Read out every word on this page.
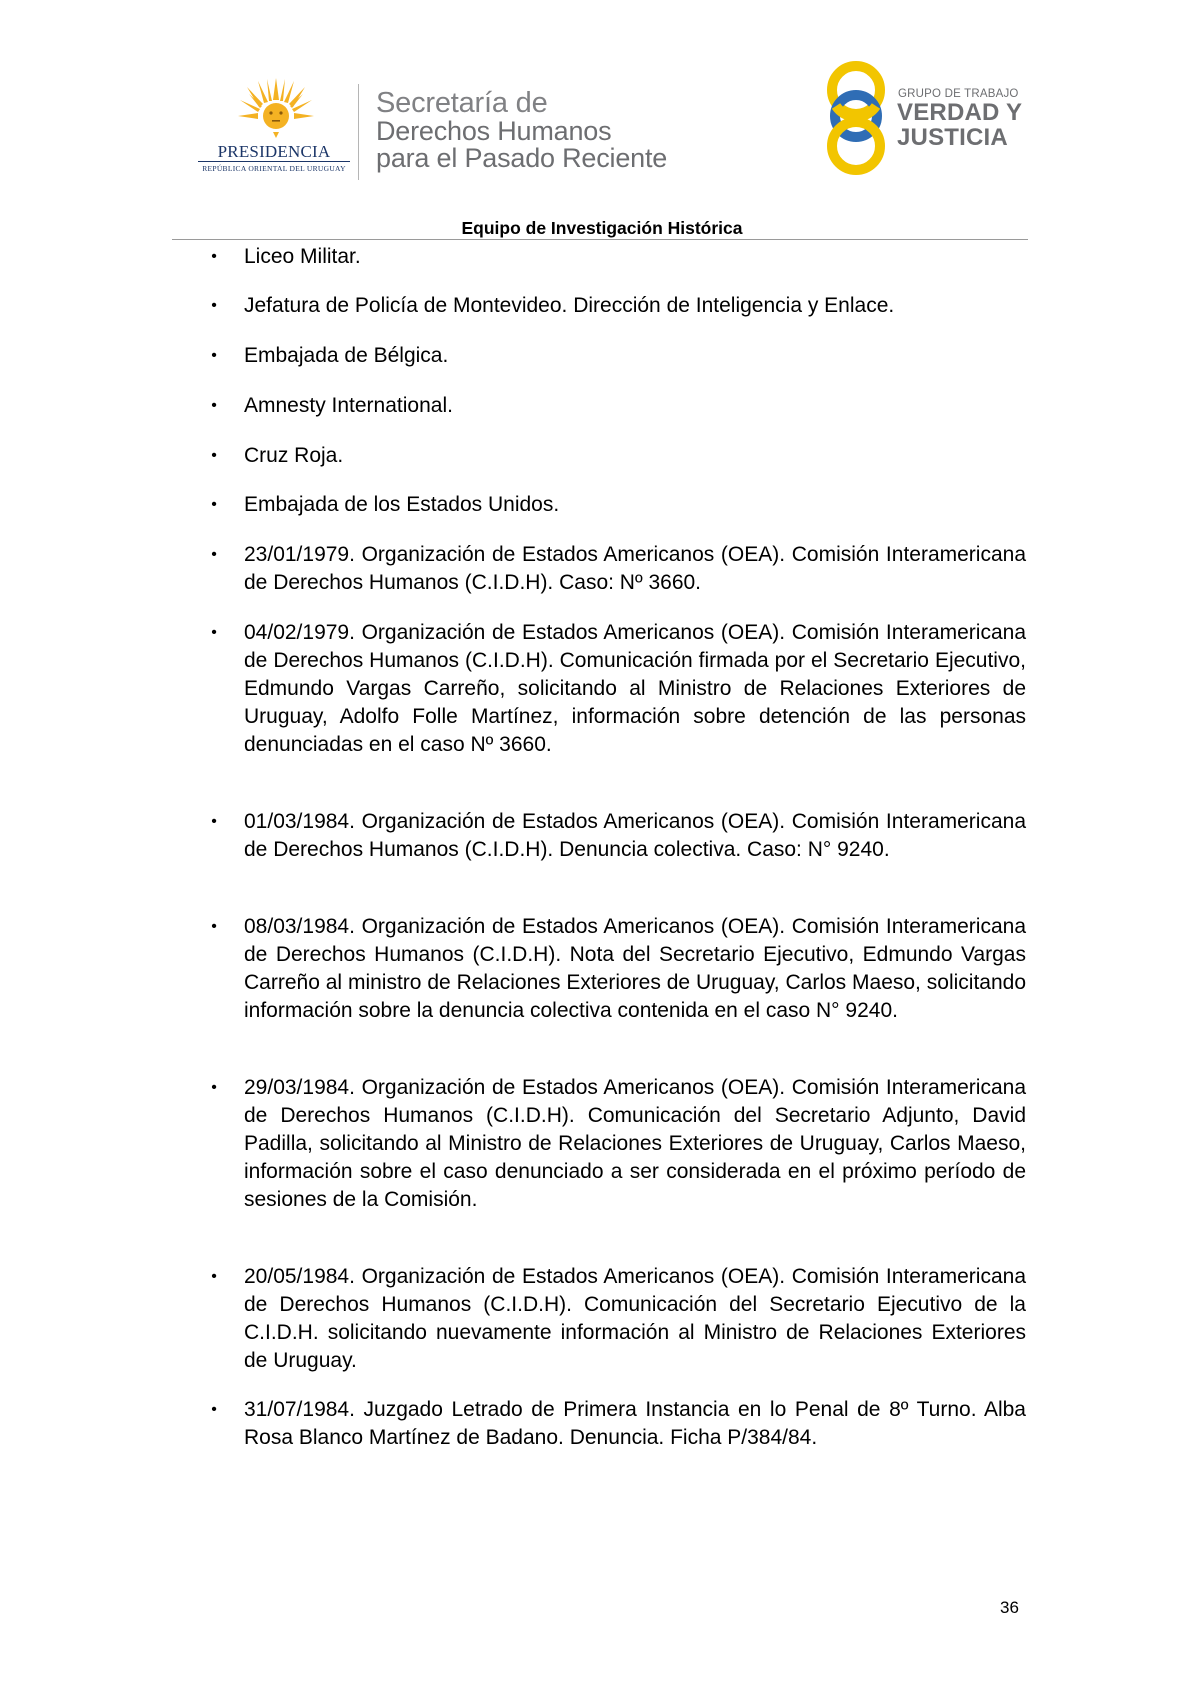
PRESIDENCIA
REPÚBLICA ORIENTAL DEL URUGUAY
Secretaría de
Derechos Humanos
para el Pasado Reciente
GRUPO DE TRABAJO
VERDAD Y
JUSTICIA
Equipo de Investigación Histórica
• Liceo Militar.
• Jefatura de Policía de Montevideo. Dirección de Inteligencia y Enlace.
• Embajada de Bélgica.
• Amnesty International.
• Cruz Roja.
• Embajada de los Estados Unidos.
• 23/01/1979. Organización de Estados Americanos (OEA). Comisión Interamericana de Derechos Humanos (C.I.D.H). Caso: Nº 3660.
• 04/02/1979. Organización de Estados Americanos (OEA). Comisión Interamericana de Derechos Humanos (C.I.D.H). Comunicación firmada por el Secretario Ejecutivo, Edmundo Vargas Carreño, solicitando al Ministro de Relaciones Exteriores de Uruguay, Adolfo Folle Martínez, información sobre detención de las personas denunciadas en el caso Nº 3660.
• 01/03/1984. Organización de Estados Americanos (OEA). Comisión Interamericana de Derechos Humanos (C.I.D.H). Denuncia colectiva. Caso: N° 9240.
• 08/03/1984. Organización de Estados Americanos (OEA). Comisión Interamericana de Derechos Humanos (C.I.D.H). Nota del Secretario Ejecutivo, Edmundo Vargas Carreño al ministro de Relaciones Exteriores de Uruguay, Carlos Maeso, solicitando información sobre la denuncia colectiva contenida en el caso N° 9240.
• 29/03/1984. Organización de Estados Americanos (OEA). Comisión Interamericana de Derechos Humanos (C.I.D.H). Comunicación del Secretario Adjunto, David Padilla, solicitando al Ministro de Relaciones Exteriores de Uruguay, Carlos Maeso, información sobre el caso denunciado a ser considerada en el próximo período de sesiones de la Comisión.
• 20/05/1984. Organización de Estados Americanos (OEA). Comisión Interamericana de Derechos Humanos (C.I.D.H). Comunicación del Secretario Ejecutivo de la C.I.D.H. solicitando nuevamente información al Ministro de Relaciones Exteriores de Uruguay.
• 31/07/1984. Juzgado Letrado de Primera Instancia en lo Penal de 8º Turno. Alba Rosa Blanco Martínez de Badano. Denuncia. Ficha P/384/84.
36
